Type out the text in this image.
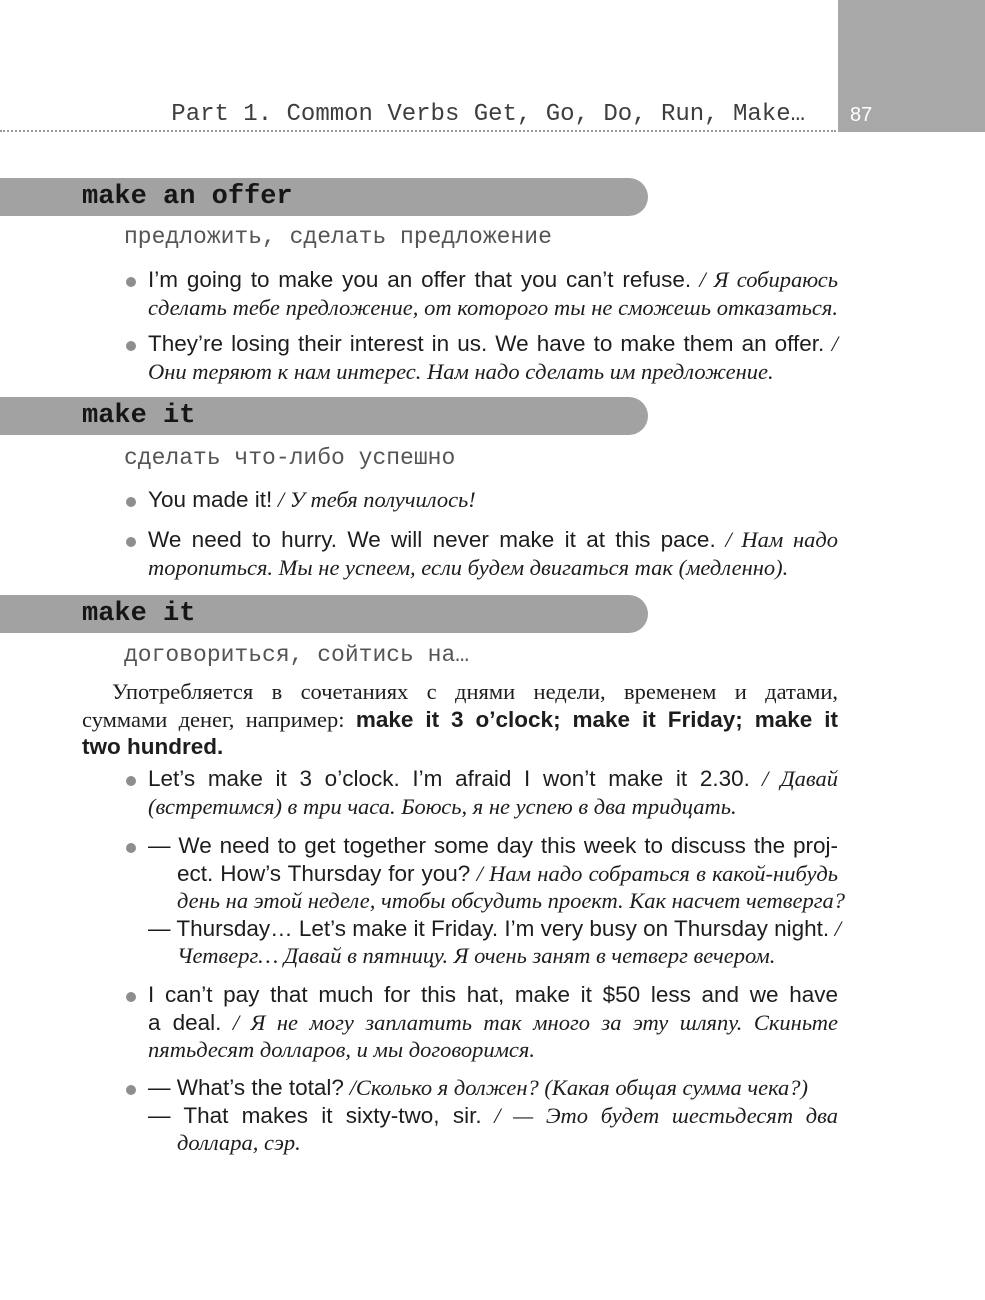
87
Part 1. Common Verbs Get, Go, Do, Run, Make…
make an offer
предложить, сделать предложение
I’m going to make you an offer that you can’t refuse. / Я собираюсь
сделать тебе предложение, от которого ты не сможешь отказаться.
They’re losing their interest in us. We have to make them an offer. /
Они теряют к нам интерес. Нам надо сделать им предложение.
make it
сделать что-либо успешно
You made it! / У тебя получилось!
We need to hurry. We will never make it at this pace. / Нам надо
торопиться. Мы не успеем, если будем двигаться так (медленно).
make it
договориться, сойтись на…
Употребляется в сочетаниях с днями недели, временем и датами,
суммами денег, например: make it 3 o’clock; make it Friday; make it
two hundred.
Let’s make it 3 o’clock. I’m afraid I won’t make it 2.30. / Давай
(встретимся) в три часа. Боюсь, я не успею в два тридцать.
— We need to get together some day this week to discuss the proj-
ect. How’s Thursday for you? / Нам надо собраться в какой-нибудь
день на этой неделе, чтобы обсудить проект. Как насчет четверга?
— Thursday… Let’s make it Friday. I’m very busy on Thursday night. /
Четверг… Давай в пятницу. Я очень занят в четверг вечером.
I can’t pay that much for this hat, make it $50 less and we have
a deal. / Я не могу заплатить так много за эту шляпу. Скиньте
пятьдесят долларов, и мы договоримся.
— What’s the total? /Сколько я должен? (Какая общая сумма чека?)
— That makes it sixty-two, sir. / — Это будет шестьдесят два
доллара, сэр.
